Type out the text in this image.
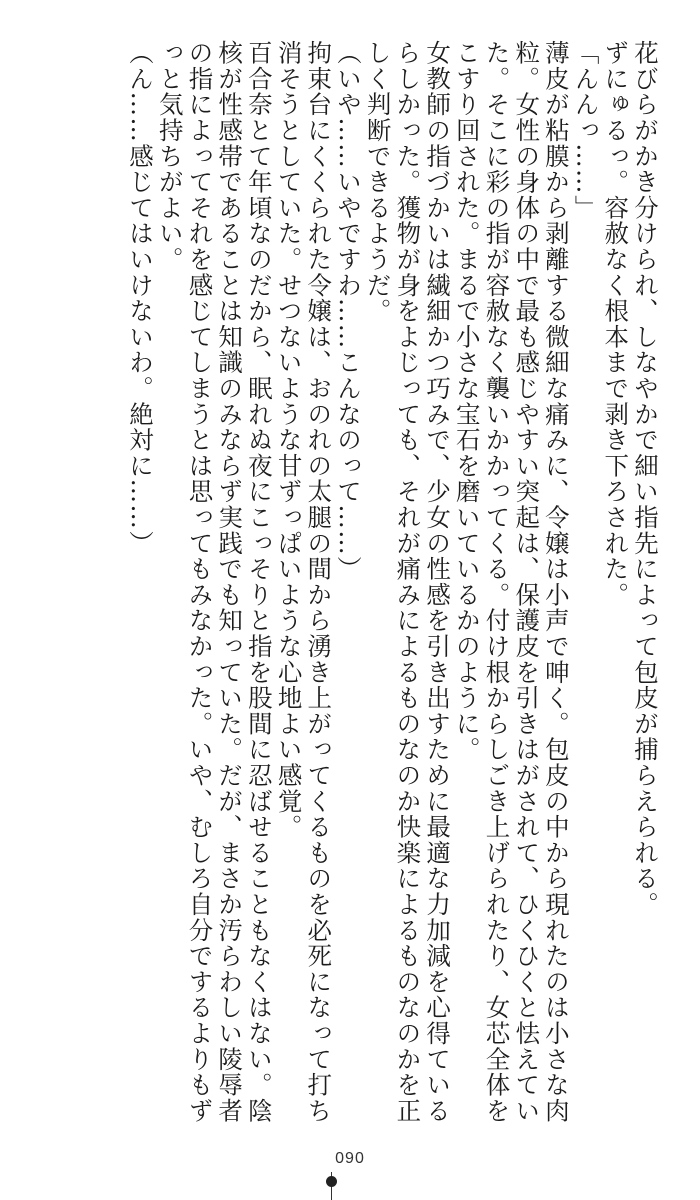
花びらがかき分けられ、しなやかで細い指先によって包皮が捕らえられる。

ずにゅるっ。容赦なく根本まで剥き下ろされた。

「んんっ……」

薄皮が粘膜から剥離する微細な痛みに、令嬢は小声で呻く。包皮の中から現れたのは小さな肉粒。女性の身体の中で最も感じやすい突起は、保護皮を引きはがされて、ひくひくと怯えていた。そこに彩の指が容赦なく襲いかかってくる。付け根からしごき上げられたり、女芯全体をこすり回された。まるで小さな宝石を磨いているかのように。

女教師の指づかいは繊細かつ巧みで、少女の性感を引き出すために最適な力加減を心得ているらしかった。獲物が身をよじっても、それが痛みによるものなのか快楽によるものなのかを正しく判断できるようだ。

（いや……いやですわ……こんなのって……）

拘束台にくくられた令嬢は、おのれの太腿の間から湧き上がってくるものを必死になって打ち消そうとしていた。せつないような甘ずっぱいような心地よい感覚。

百合奈とて年頃なのだから、眠れぬ夜にこっそりと指を股間に忍ばせることもなくはない。陰核が性感帯であることは知識のみならず実践でも知っていた。だが、まさか汚らわしい陵辱者の指によってそれを感じてしまうとは思ってもみなかった。いや、むしろ自分でするよりもずっと気持ちがよい。

（ん……感じてはいけないわ。絶対に……）

090
